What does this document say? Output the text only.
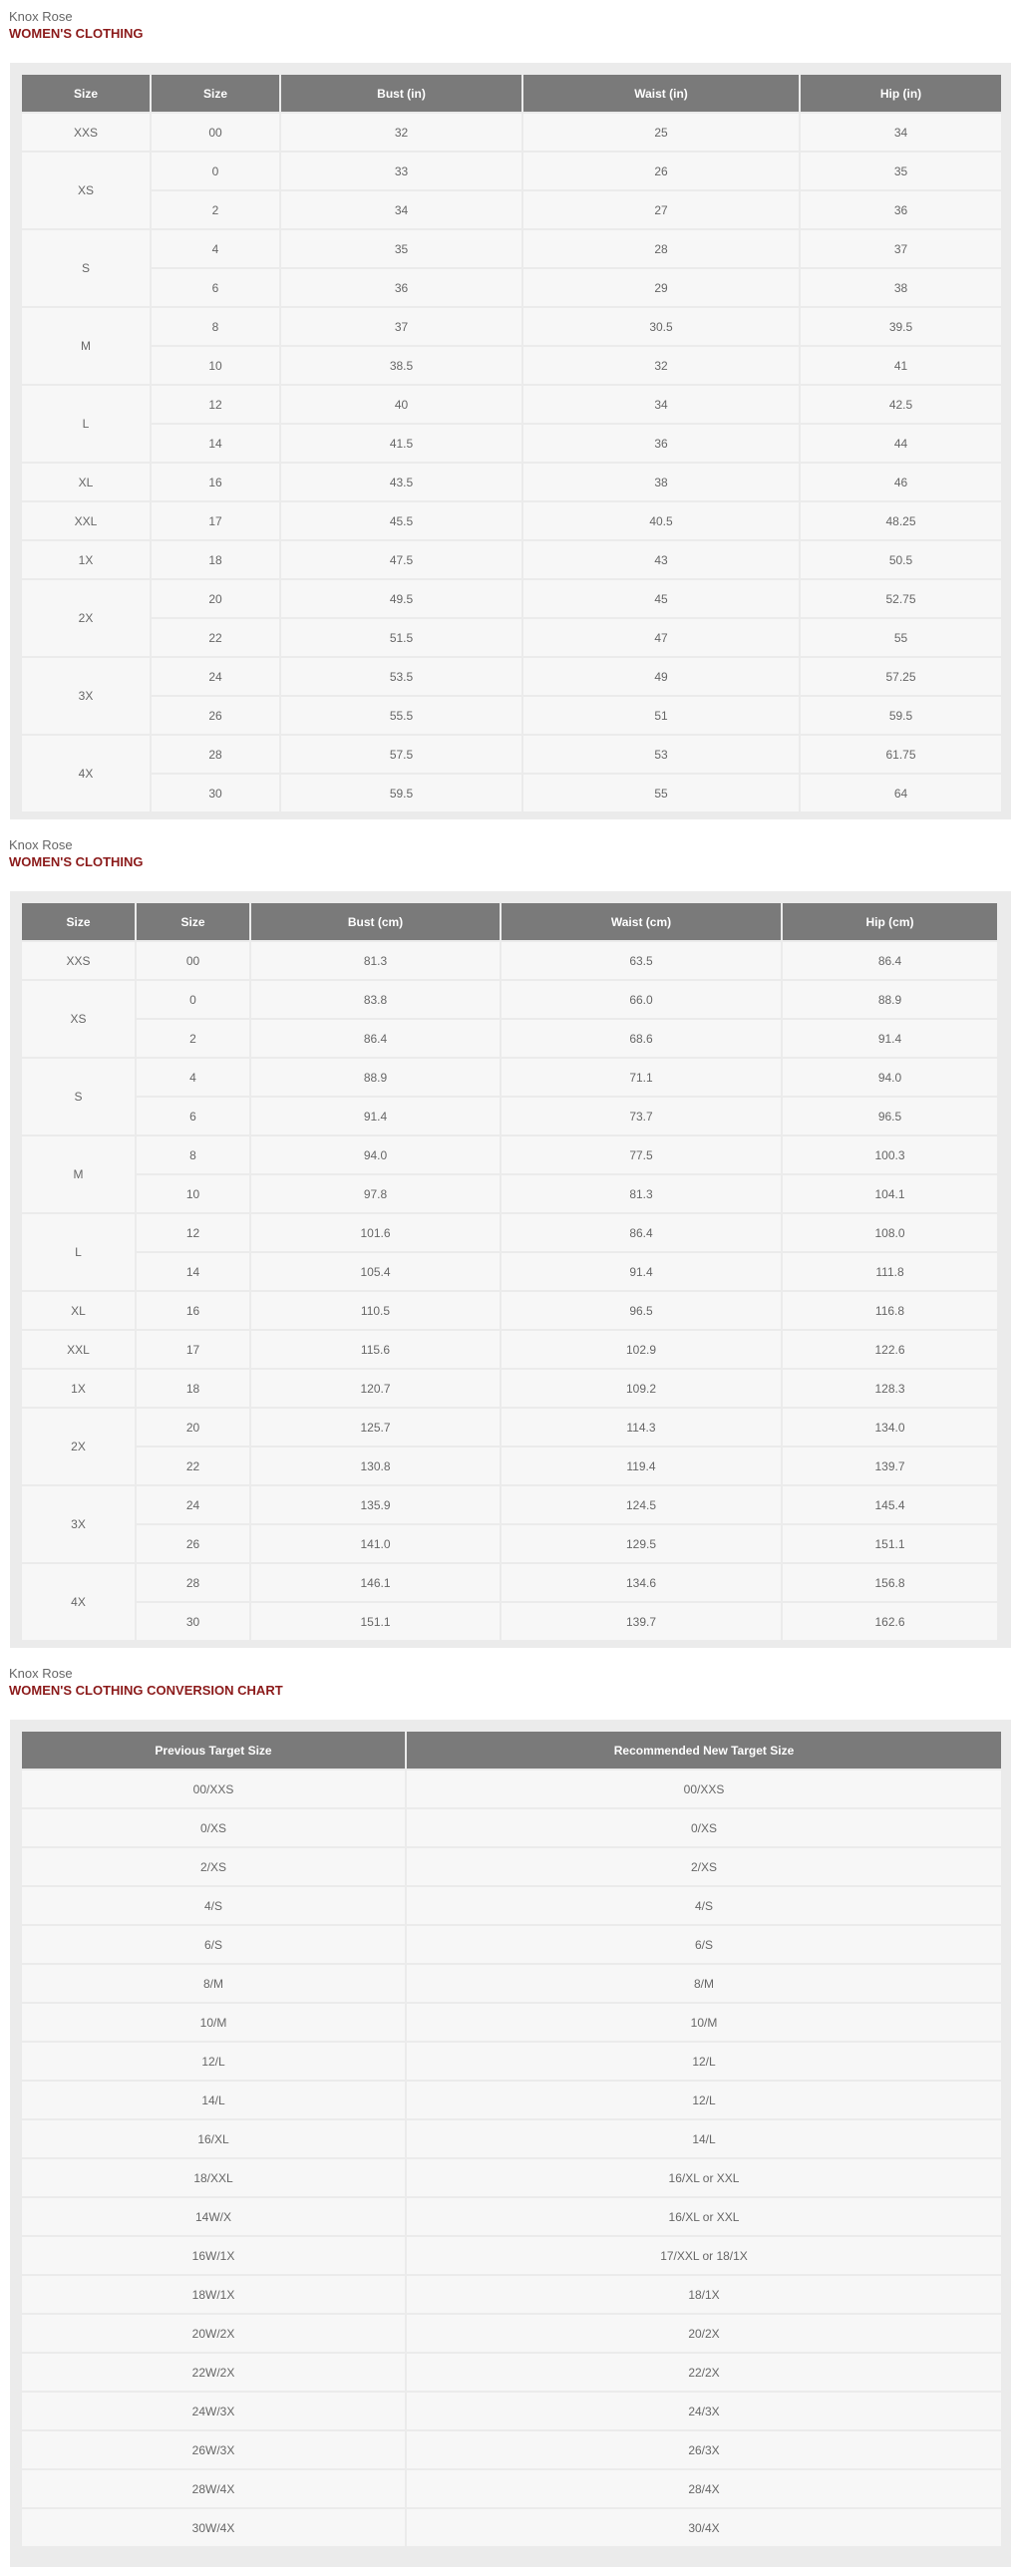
Knox Rose
WOMEN'S CLOTHING
Size	Size	Bust (in)	Waist (in)	Hip (in)
XXS	00	32	25	34
XS	0	33	26	35
	2	34	27	36
S	4	35	28	37
	6	36	29	38
M	8	37	30.5	39.5
	10	38.5	32	41
L	12	40	34	42.5
	14	41.5	36	44
XL	16	43.5	38	46
XXL	17	45.5	40.5	48.25
1X	18	47.5	43	50.5
2X	20	49.5	45	52.75
	22	51.5	47	55
3X	24	53.5	49	57.25
	26	55.5	51	59.5
4X	28	57.5	53	61.75
	30	59.5	55	64
Knox Rose
WOMEN'S CLOTHING
Size	Size	Bust (cm)	Waist (cm)	Hip (cm)
XXS	00	81.3	63.5	86.4
XS	0	83.8	66.0	88.9
	2	86.4	68.6	91.4
S	4	88.9	71.1	94.0
	6	91.4	73.7	96.5
M	8	94.0	77.5	100.3
	10	97.8	81.3	104.1
L	12	101.6	86.4	108.0
	14	105.4	91.4	111.8
XL	16	110.5	96.5	116.8
XXL	17	115.6	102.9	122.6
1X	18	120.7	109.2	128.3
2X	20	125.7	114.3	134.0
	22	130.8	119.4	139.7
3X	24	135.9	124.5	145.4
	26	141.0	129.5	151.1
4X	28	146.1	134.6	156.8
	30	151.1	139.7	162.6
Knox Rose
WOMEN'S CLOTHING CONVERSION CHART
Previous Target Size	Recommended New Target Size
00/XXS	00/XXS
0/XS	0/XS
2/XS	2/XS
4/S	4/S
6/S	6/S
8/M	8/M
10/M	10/M
12/L	12/L
14/L	12/L
16/XL	14/L
18/XXL	16/XL or XXL
14W/X	16/XL or XXL
16W/1X	17/XXL or 18/1X
18W/1X	18/1X
20W/2X	20/2X
22W/2X	22/2X
24W/3X	24/3X
26W/3X	26/3X
28W/4X	28/4X
30W/4X	30/4X
